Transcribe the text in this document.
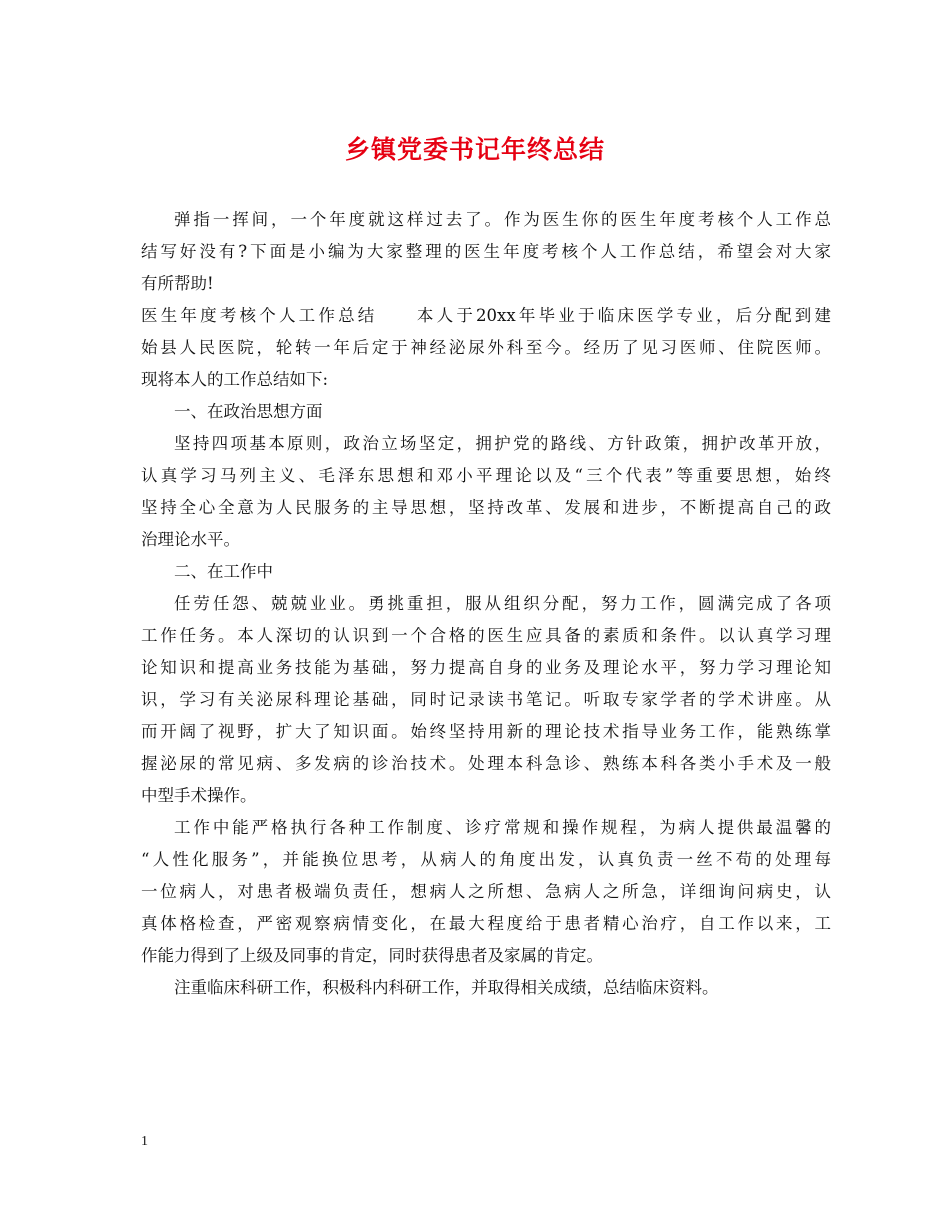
乡镇党委书记年终总结
弹指一挥间，一个年度就这样过去了。作为医生你的医生年度考核个人工作总
结写好没有?下面是小编为大家整理的医生年度考核个人工作总结，希望会对大家
有所帮助!
医生年度考核个人工作总结　　本人于20xx年毕业于临床医学专业，后分配到建
始县人民医院，轮转一年后定于神经泌尿外科至今。经历了见习医师、住院医师。
现将本人的工作总结如下:
一、在政治思想方面
坚持四项基本原则，政治立场坚定，拥护党的路线、方针政策，拥护改革开放，
认真学习马列主义、毛泽东思想和邓小平理论以及“三个代表”等重要思想，始终
坚持全心全意为人民服务的主导思想，坚持改革、发展和进步，不断提高自己的政
治理论水平。
二、在工作中
任劳任怨、兢兢业业。勇挑重担，服从组织分配，努力工作，圆满完成了各项
工作任务。本人深切的认识到一个合格的医生应具备的素质和条件。以认真学习理
论知识和提高业务技能为基础，努力提高自身的业务及理论水平，努力学习理论知
识，学习有关泌尿科理论基础，同时记录读书笔记。听取专家学者的学术讲座。从
而开阔了视野，扩大了知识面。始终坚持用新的理论技术指导业务工作，能熟练掌
握泌尿的常见病、多发病的诊治技术。处理本科急诊、熟练本科各类小手术及一般
中型手术操作。
工作中能严格执行各种工作制度、诊疗常规和操作规程，为病人提供最温馨的
“人性化服务”，并能换位思考，从病人的角度出发，认真负责一丝不苟的处理每
一位病人，对患者极端负责任，想病人之所想、急病人之所急，详细询问病史，认
真体格检查，严密观察病情变化，在最大程度给于患者精心治疗，自工作以来，工
作能力得到了上级及同事的肯定，同时获得患者及家属的肯定。
注重临床科研工作，积极科内科研工作，并取得相关成绩，总结临床资料。
1
